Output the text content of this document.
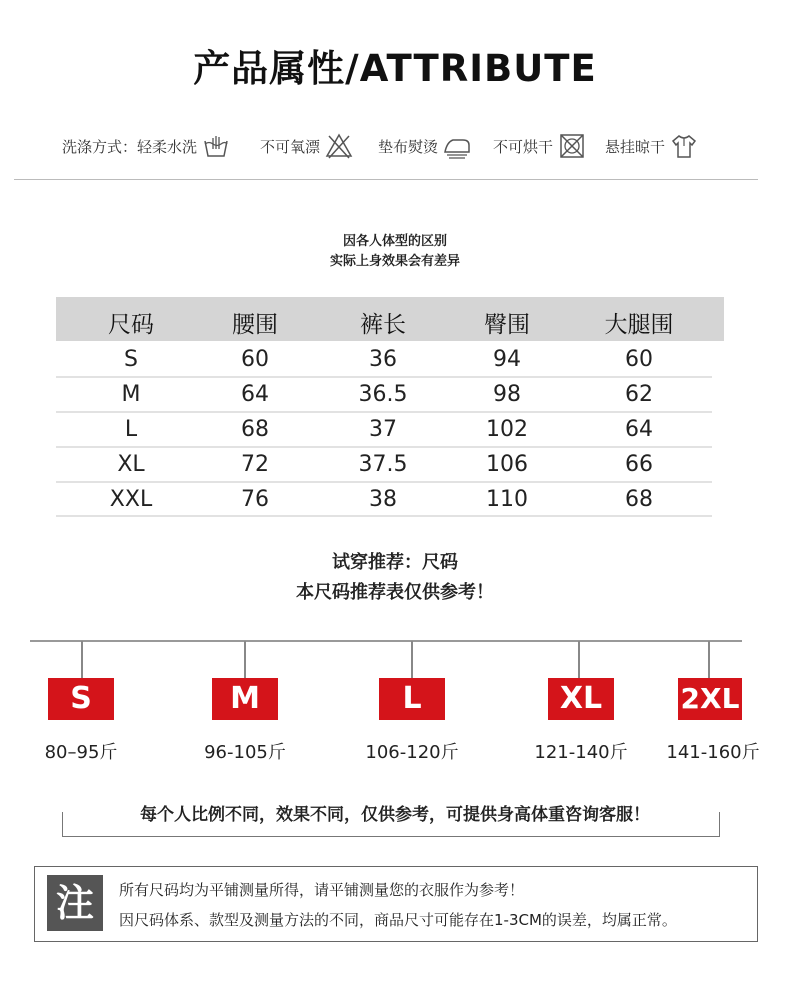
产品属性/ATTRIBUTE
洗涤方式： 轻柔水洗	不可氧漂	垫布熨烫	不可烘干	悬挂晾干
因各人体型的区别
实际上身效果会有差异
尺码	腰围	裤长	臀围	大腿围
S	60	36	94	60
M	64	36.5	98	62
L	68	37	102	64
XL	72	37.5	106	66
XXL	76	38	110	68
试穿推荐：尺码
本尺码推荐表仅供参考！
S
80–95斤
M
96-105斤
L
106-120斤
XL
121-140斤
2XL
141-160斤
每个人比例不同，效果不同，仅供参考，可提供身高体重咨询客服！
注	所有尺码均为平铺测量所得，请平铺测量您的衣服作为参考！
因尺码体系、款型及测量方法的不同，商品尺寸可能存在1-3CM的误差，均属正常。
